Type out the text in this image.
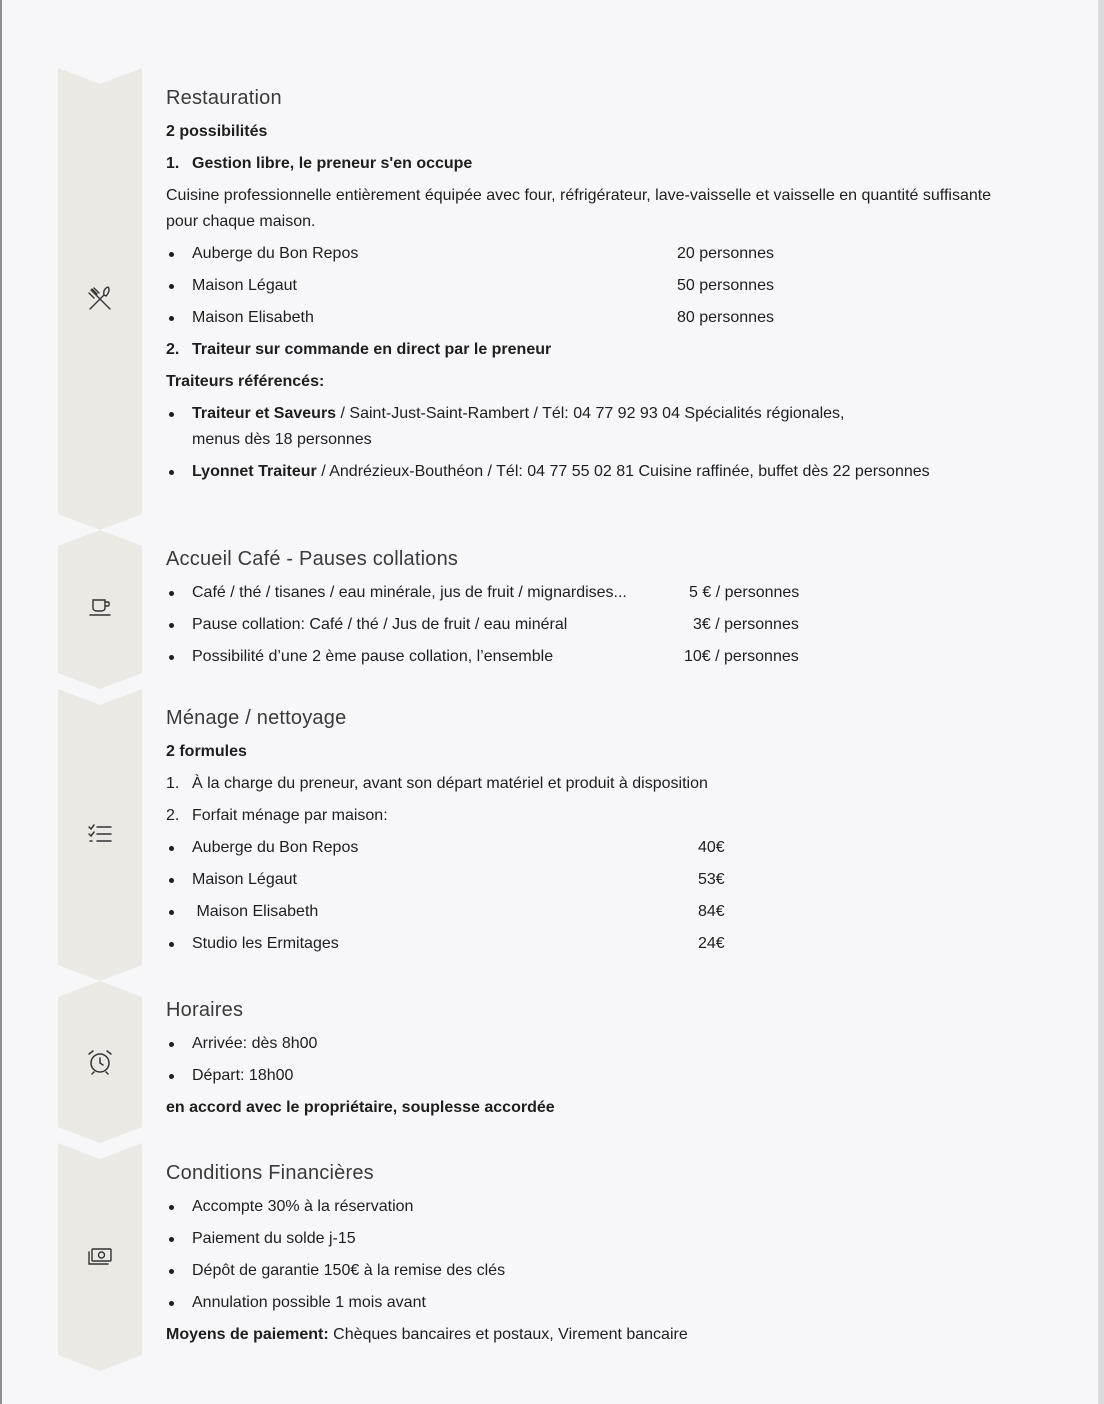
Restauration
2 possibilités
1. Gestion libre, le preneur s'en occupe
Cuisine professionnelle entièrement équipée avec four, réfrigérateur, lave-vaisselle et vaisselle en quantité suffisante pour chaque maison.
Auberge du Bon Repos	20 personnes
Maison Légaut	50 personnes
Maison Elisabeth	80 personnes
2. Traiteur sur commande en direct par le preneur
Traiteurs référencés:
Traiteur et Saveurs / Saint-Just-Saint-Rambert / Tél: 04 77 92 93 04 Spécialités régionales,
menus dès 18 personnes
Lyonnet Traiteur / Andrézieux-Bouthéon / Tél: 04 77 55 02 81 Cuisine raffinée, buffet dès 22 personnes
Accueil Café - Pauses collations
Café / thé / tisanes / eau minérale, jus de fruit / mignardises...	5 € / personnes
Pause collation: Café / thé / Jus de fruit / eau minéral	3€ / personnes
Possibilité d’une 2 ème pause collation, l’ensemble	10€ / personnes
Ménage / nettoyage
2 formules
1. À la charge du preneur, avant son départ matériel et produit à disposition
2. Forfait ménage par maison:
Auberge du Bon Repos	40€
Maison Légaut	53€
Maison Elisabeth	84€
Studio les Ermitages	24€
Horaires
Arrivée: dès 8h00
Départ: 18h00
en accord avec le propriétaire, souplesse accordée
Conditions Financières
Accompte 30% à la réservation
Paiement du solde j-15
Dépôt de garantie 150€ à la remise des clés
Annulation possible 1 mois avant
Moyens de paiement: Chèques bancaires et postaux, Virement bancaire
